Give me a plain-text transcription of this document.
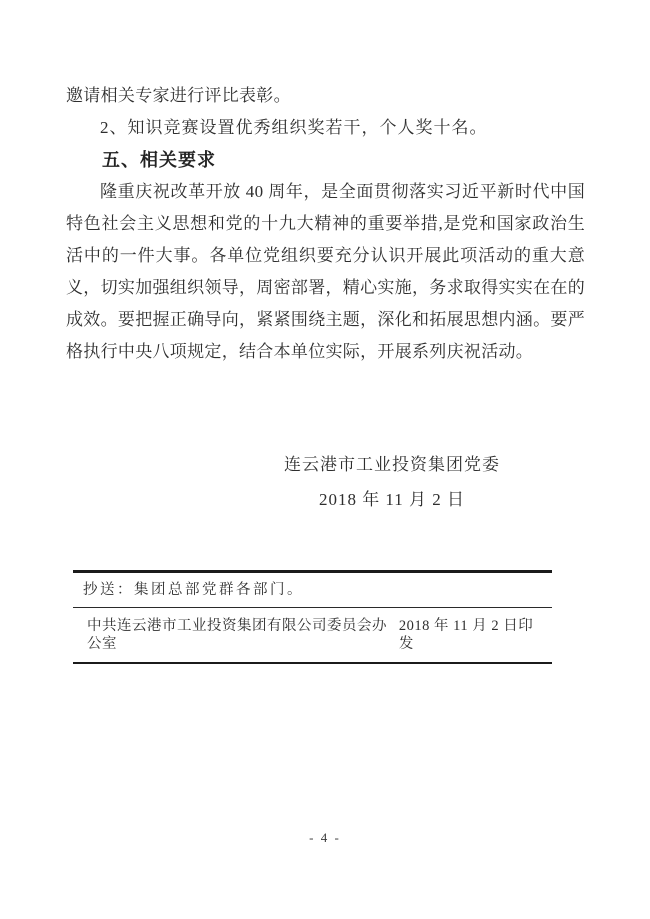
邀请相关专家进行评比表彰。
2、知识竞赛设置优秀组织奖若干，个人奖十名。
五、相关要求
隆重庆祝改革开放 40 周年，是全面贯彻落实习近平新时代中国
特色社会主义思想和党的十九大精神的重要举措,是党和国家政治生
活中的一件大事。各单位党组织要充分认识开展此项活动的重大意
义，切实加强组织领导，周密部署，精心实施，务求取得实实在在的
成效。要把握正确导向，紧紧围绕主题，深化和拓展思想内涵。要严
格执行中央八项规定，结合本单位实际，开展系列庆祝活动。
连云港市工业投资集团党委
2018 年 11 月 2 日
抄送：集团总部党群各部门。
中共连云港市工业投资集团有限公司委员会办公室
2018 年 11 月 2 日印发
- 4 -
